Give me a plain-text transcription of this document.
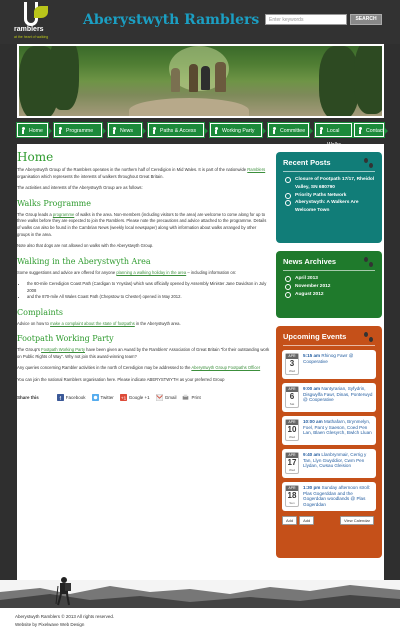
ramblers
at the heart of walking
Aberystwyth Ramblers	Enter keywords	SEARCH
Home	Programme	News	Paths & Access	Working Party	Committee	Local	Contact
Home

The Aberystwyth Group of the Ramblers operates in the northern half of Ceredigion in Mid Wales. It is part of the nationwide Ramblers organisation which represents the interests of walkers throughout Great Britain.

The activities and interests of the Aberystwyth Group are as follows:

Walks Programme

The Group leads a programme of walks in the area. Non-members (including visitors to the area) are welcome to come along for up to three walks before they are expected to join the Ramblers. Please note the precautions and advice attached to the programme. Details of walks can also be found in the Cambrian News (weekly local newspaper) along with information about walks arranged by other groups in the area.

Note also that dogs are not allowed on walks with the Aberystwyth Group.

Walking in the Aberystwyth Area

Some suggestions and advice are offered for anyone planning a walking holiday in the area – including information on:

• the 60-mile Ceredigion Coast Path (Cardigan to Ynyslas) which was officially opened by Assembly Minister Jane Davidson in July 2008
• and the 870-mile All Wales Coast Path (Chepstow to Chester) opened in May 2012.
Complaints

Advice on how to make a complaint about the state of footpaths in the Aberystwyth area.

Footpath Working Party

The Group's Footpath Working Party have been given an Award by the Ramblers' Association of Great Britain "for their outstanding work on Public Rights of Way". Why not join this award-winning team?

Any queries concerning Rambler activities in the north of Ceredigion may be addressed to the Aberystwyth Group Footpaths Officer

You can join the national Ramblers organisation here. Please indicate ABERYSTWYTH as your preferred Group

Share this	f Facebook	Twitter +1 Google +1	Gmail	Print
Recent Posts
Closure of Footpath 17/17, Rheidol Valley, SN 680790
Priority Paths Network
Aberystwyth: A Walkers Are Welcome Town
News Archives
April 2013
November 2012
August 2012
Upcoming Events
APR
3
Wed
5:15 am Rhinog Fawr @ Cooperative
APR
6
Sat
9:00 am Nantyrarian, Syfydrin, Disgwylfa Fawr, Dinas, Ponterwyd @ Cooperative
APR
10
Wed
10:00 am Mathafarn, Brynmelyn, Foel, Pant y Saeson, Coed Pen Lan, Blaen Glesyrch, Bwlch Lluan
APR
17
Wed
9:40 am Llanbrynmair, Cerrig y Tan, Llyn Gwyddior, Cwm Pen Llydan, Cwsau Gleision
APR
18
Sun
1:30 pm Sunday afternoon stroll: Plas Gogerddan and the Gogerddan woodlands @ Plas Gogerddan
Add	Add	View Calendar
Aberystwyth Ramblers © 2013 All rights reserved.
Website by Pixelwave Web Design
